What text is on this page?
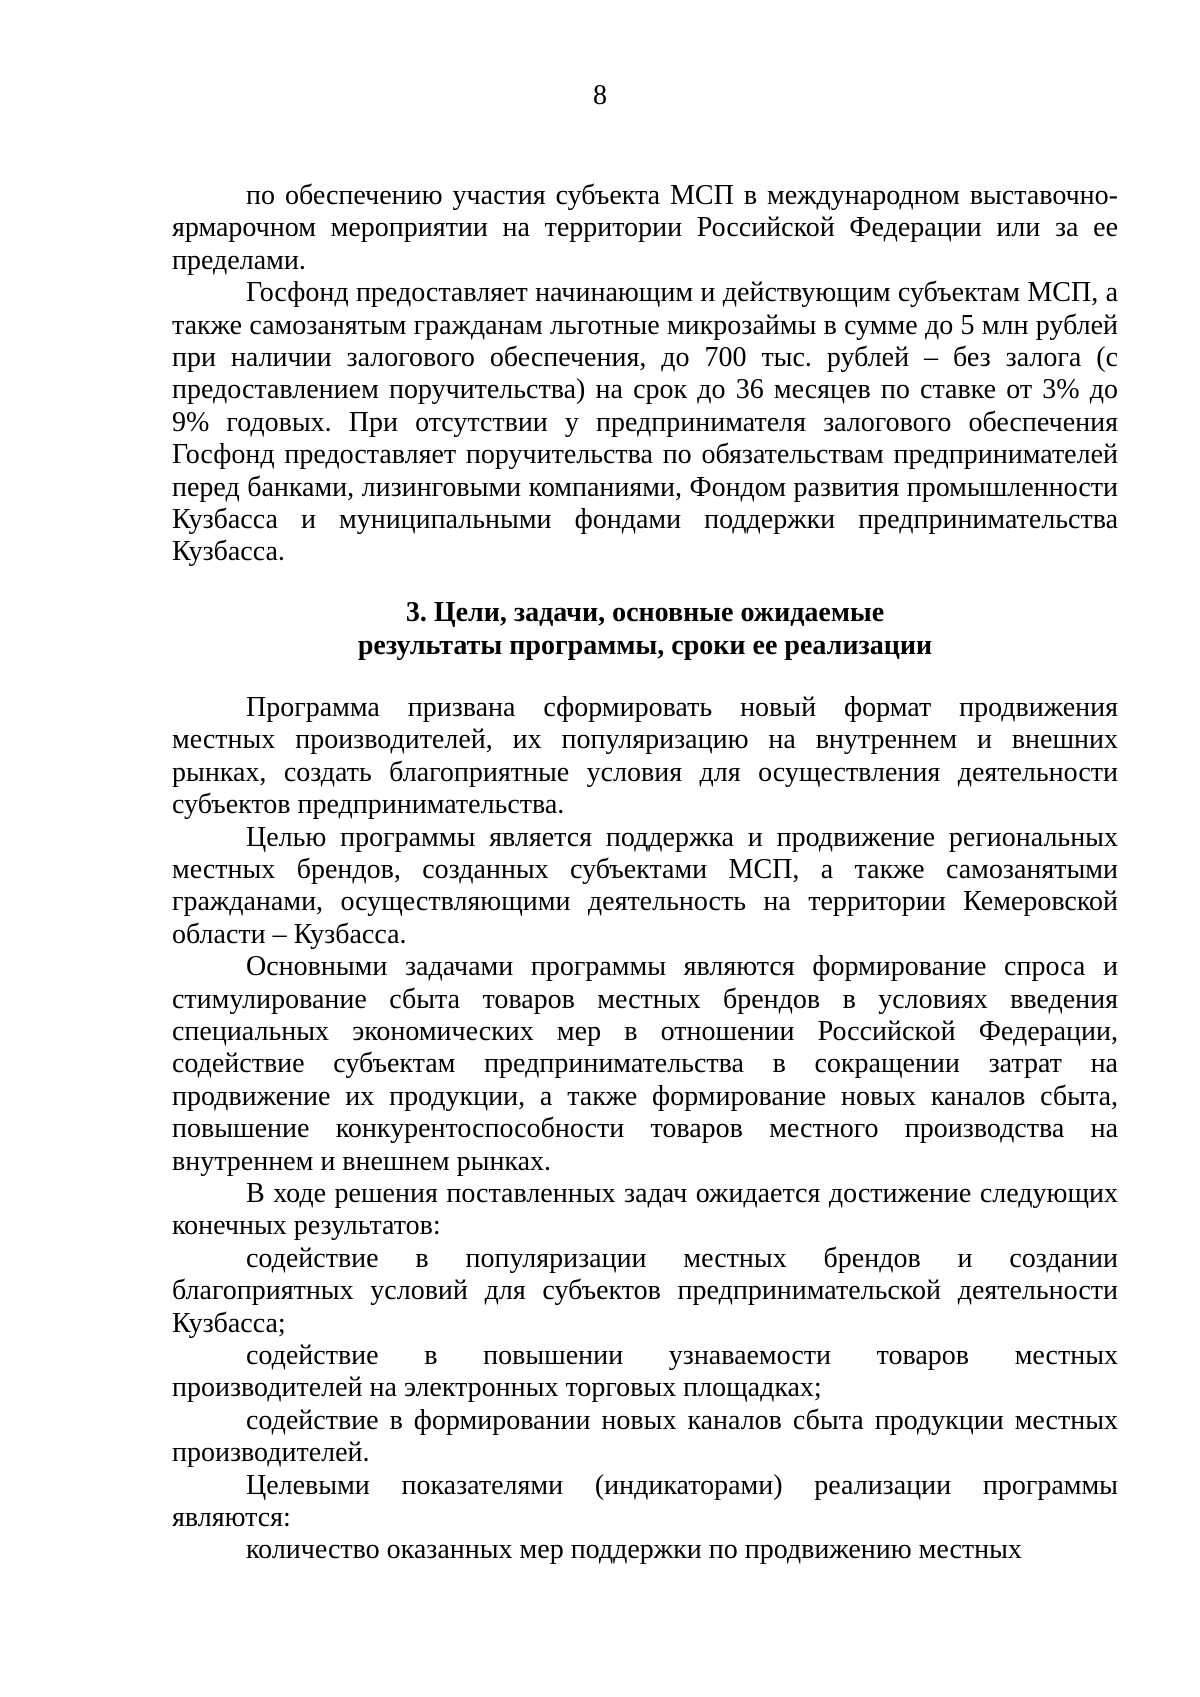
8

по обеспечению участия субъекта МСП в международном выставочно-ярмарочном мероприятии на территории Российской Федерации или за ее пределами.

Госфонд предоставляет начинающим и действующим субъектам МСП, а также самозанятым гражданам льготные микрозаймы в сумме до 5 млн рублей при наличии залогового обеспечения, до 700 тыс. рублей – без залога (с предоставлением поручительства) на срок до 36 месяцев по ставке от 3% до 9% годовых. При отсутствии у предпринимателя залогового обеспечения Госфонд предоставляет поручительства по обязательствам предпринимателей перед банками, лизинговыми компаниями, Фондом развития промышленности Кузбасса и муниципальными фондами поддержки предпринимательства Кузбасса.

3. Цели, задачи, основные ожидаемые
результаты программы, сроки ее реализации

Программа призвана сформировать новый формат продвижения местных производителей, их популяризацию на внутреннем и внешних рынках, создать благоприятные условия для осуществления деятельности субъектов предпринимательства.

Целью программы является поддержка и продвижение региональных местных брендов, созданных субъектами МСП, а также самозанятыми гражданами, осуществляющими деятельность на территории Кемеровской области – Кузбасса.

Основными задачами программы являются формирование спроса и стимулирование сбыта товаров местных брендов в условиях введения специальных экономических мер в отношении Российской Федерации, содействие субъектам предпринимательства в сокращении затрат на продвижение их продукции, а также формирование новых каналов сбыта, повышение конкурентоспособности товаров местного производства на внутреннем и внешнем рынках.

В ходе решения поставленных задач ожидается достижение следующих конечных результатов:

содействие в популяризации местных брендов и создании благоприятных условий для субъектов предпринимательской деятельности Кузбасса;

содействие в повышении узнаваемости товаров местных производителей на электронных торговых площадках;

содействие в формировании новых каналов сбыта продукции местных производителей.

Целевыми показателями (индикаторами) реализации программы являются:

количество оказанных мер поддержки по продвижению местных
